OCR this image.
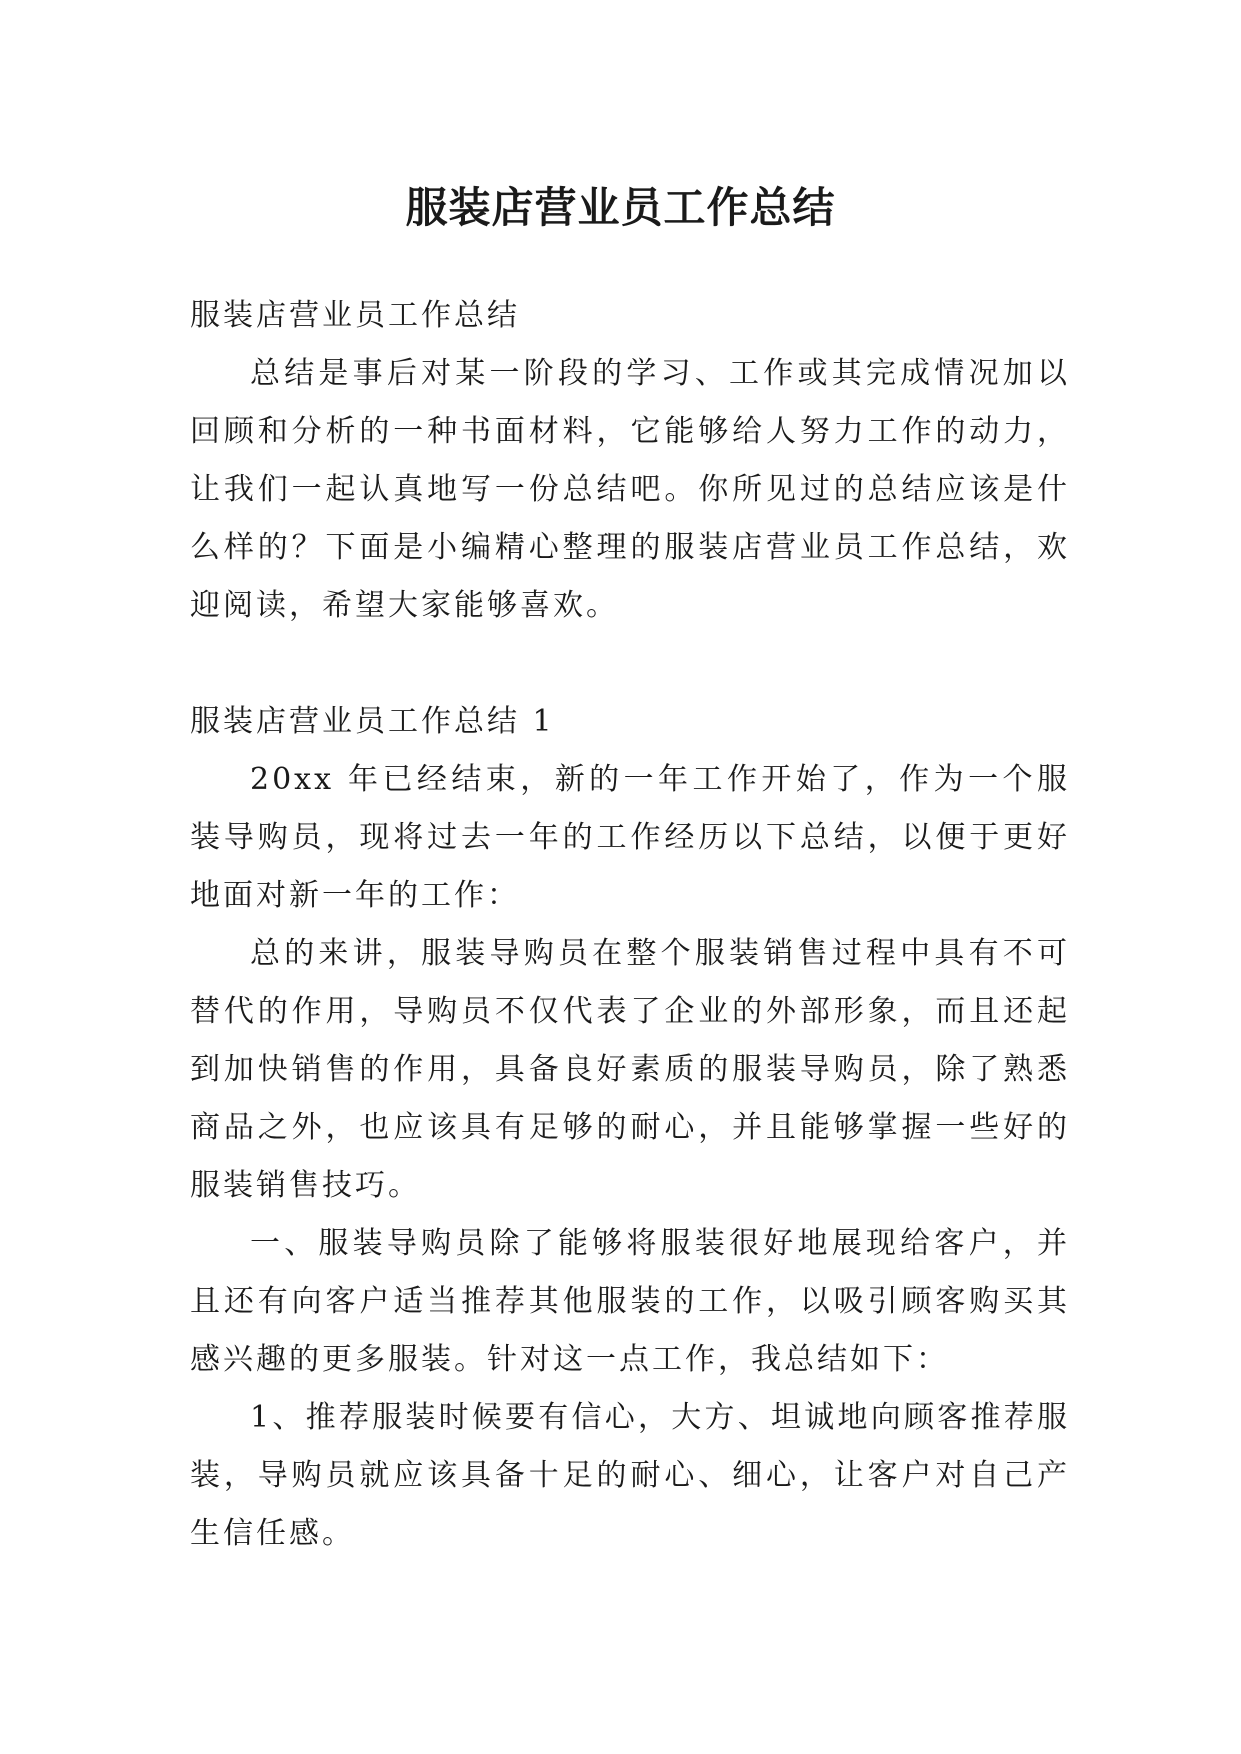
服装店营业员工作总结

服装店营业员工作总结

总结是事后对某一阶段的学习、工作或其完成情况加以回顾和分析的一种书面材料，它能够给人努力工作的动力，让我们一起认真地写一份总结吧。你所见过的总结应该是什么样的？下面是小编精心整理的服装店营业员工作总结，欢迎阅读，希望大家能够喜欢。

服装店营业员工作总结 1

20xx 年已经结束，新的一年工作开始了，作为一个服装导购员，现将过去一年的工作经历以下总结，以便于更好地面对新一年的工作：

总的来讲，服装导购员在整个服装销售过程中具有不可替代的作用，导购员不仅代表了企业的外部形象，而且还起到加快销售的作用，具备良好素质的服装导购员，除了熟悉商品之外，也应该具有足够的耐心，并且能够掌握一些好的服装销售技巧。

一、服装导购员除了能够将服装很好地展现给客户，并且还有向客户适当推荐其他服装的工作，以吸引顾客购买其感兴趣的更多服装。针对这一点工作，我总结如下：

1、推荐服装时候要有信心，大方、坦诚地向顾客推荐服装，导购员就应该具备十足的耐心、细心，让客户对自己产生信任感。
